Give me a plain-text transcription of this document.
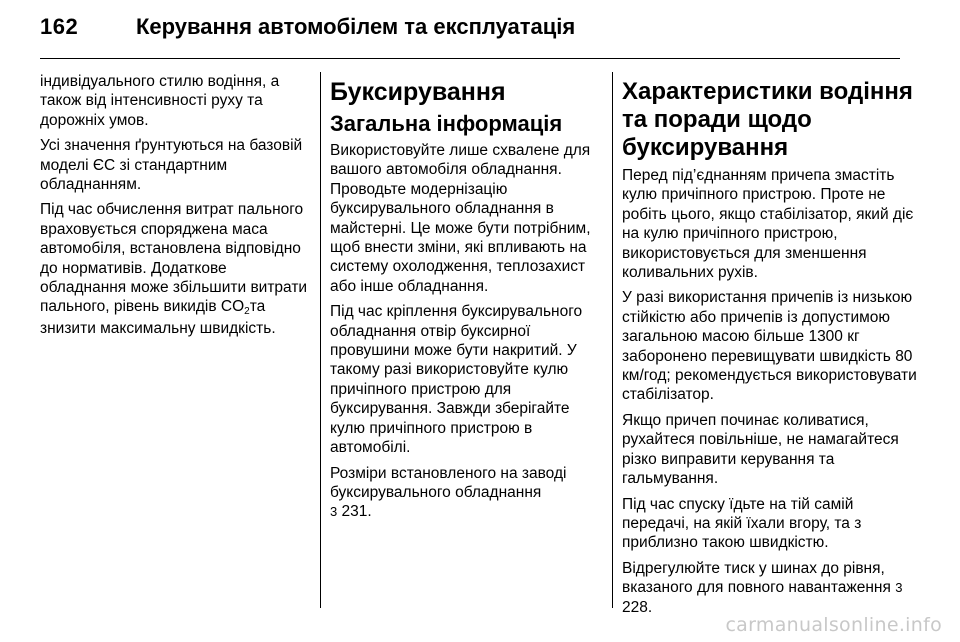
162	Керування автомобілем та експлуатація

індивідуального стилю водіння, а також від інтенсивності руху та дорожніх умов.

Усі значення ґрунтуються на базовій моделі ЄС зі стандартним обладнанням.

Під час обчислення витрат пального враховується споряджена маса автомобіля, встановлена відповідно до нормативів. Додаткове обладнання може збільшити витрати пального, рівень викидів $CO_2та$ знизити максимальну швидкість.

Буксирування
Загальна інформація

Використовуйте лише схвалене для вашого автомобіля обладнання. Проводьте модернізацію буксирувального обладнання в майстерні. Це може бути потрібним, щоб внести зміни, які впливають на систему охолодження, теплозахист або інше обладнання.

Під час кріплення буксирувального обладнання отвір буксирної провушини може бути накритий. У такому разі використовуйте кулю причіпного пристрою для буксирування. Завжди зберігайте кулю причіпного пристрою в автомобілі.

Розміри встановленого на заводі буксирувального обладнання
3 231.

Характеристики водіння та поради щодо буксирування

Перед під’єднанням причепа змастіть кулю причіпного пристрою. Проте не робіть цього, якщо стабілізатор, який діє на кулю причіпного пристрою, використовується для зменшення коливальних рухів.

У разі використання причепів із низькою стійкістю або причепів із допустимою загальною масою більше 1300 кг заборонено перевищувати швидкість 80 км/год; рекомендується використовувати стабілізатор.

Якщо причеп починає коливатися, рухайтеся повільніше, не намагайтеся різко виправити керування та гальмування.

Під час спуску їдьте на тій самій передачі, на якій їхали вгору, та з приблизно такою швидкістю.

Відрегулюйте тиск у шинах до рівня, вказаного для повного навантаження 3 228.

carmanualsonline.info
